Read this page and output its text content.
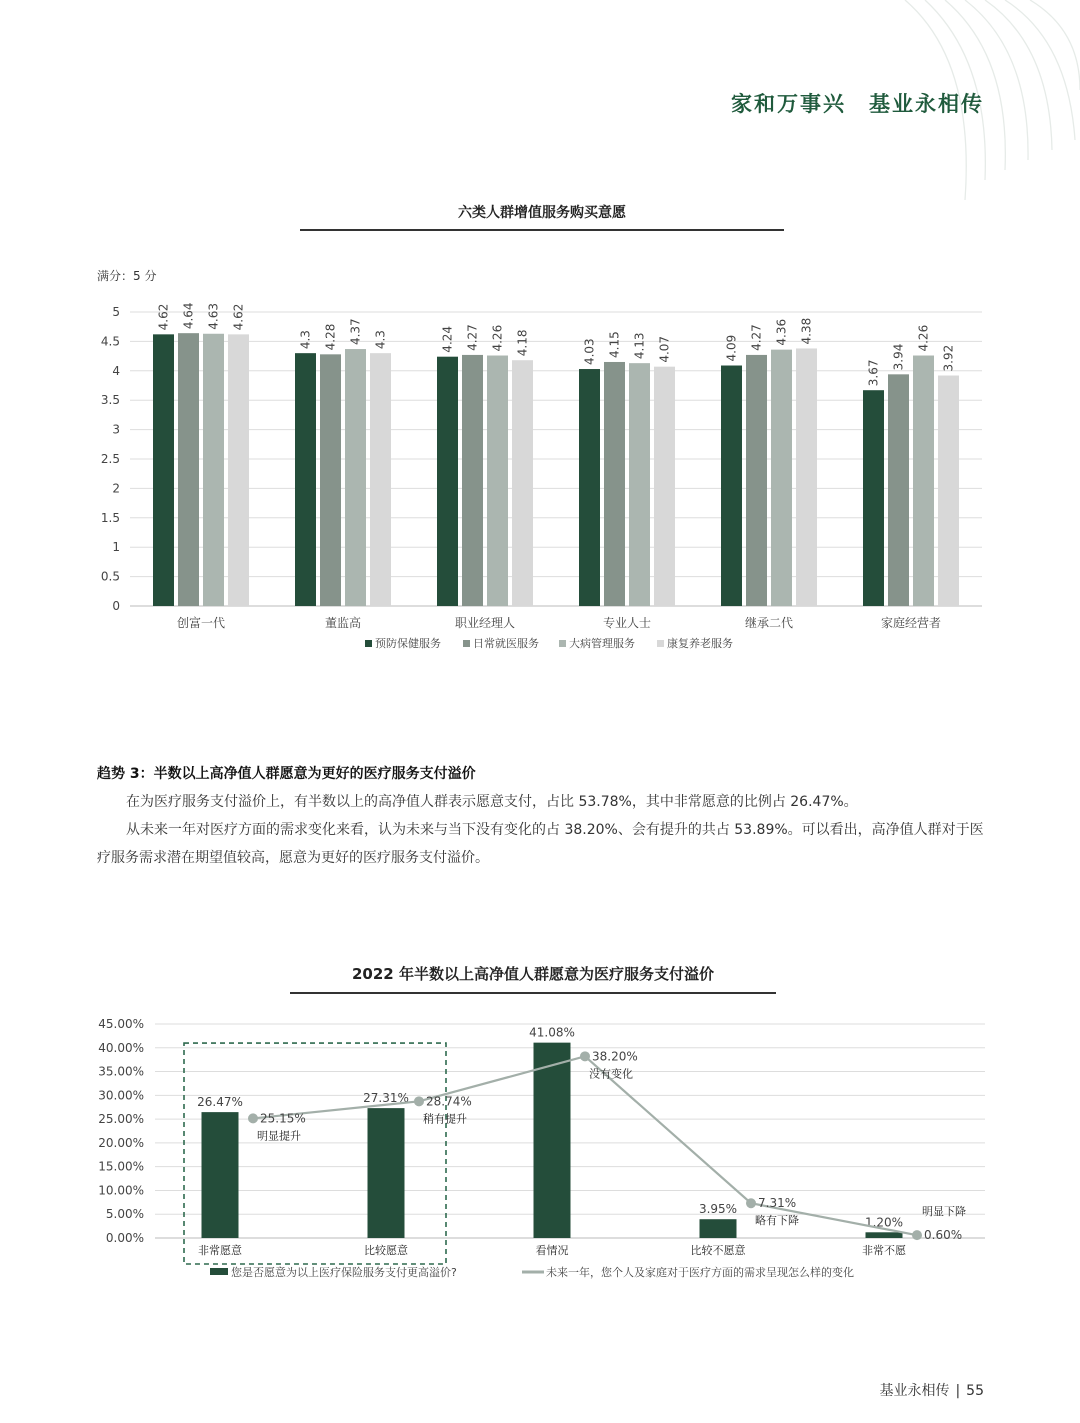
家和万事兴　基业永相传
六类人群增值服务购买意愿
满分：5 分
0
0.5
1
1.5
2
2.5
3
3.5
4
4.5
5	4.62 4.64 4.63 4.62
创富一代
4.3 4.28 4.37 4.3
董监高
4.24 4.27 4.26 4.18
职业经理人
4.03 4.15 4.13 4.07
专业人士
4.09 4.27 4.36 4.38
继承二代
3.67
3.94
4.26
3.92
家庭经营者
预防保健服务	日常就医服务	大病管理服务	康复养老服务
趋势 3：半数以上高净值人群愿意为更好的医疗服务支付溢价
在为医疗服务支付溢价上，有半数以上的高净值人群表示愿意支付，占比 53.78%，其中非常愿意的比例占 26.47%。
从未来一年对医疗方面的需求变化来看，认为未来与当下没有变化的占 38.20%、会有提升的共占 53.89%。可以看出，高净值人群对于医疗服务需求潜在期望值较高，愿意为更好的医疗服务支付溢价。
2022 年半数以上高净值人群愿意为医疗服务支付溢价
0.00%
5.00%
10.00%
15.00%
20.00%
25.00%
30.00%
35.00%
40.00%
45.00%
26.47%
非常愿意
27.31%
比较愿意
41.08%
看情况
3.95%
比较不愿意
1.20%
非常不愿
25.15%
明显提升
28.74%
稍有提升
38.20%
没有变化
7.31%
略有下降
0.60%
明显下降
您是否愿意为以上医疗保险服务支付更高溢价?	未来一年，您个人及家庭对于医疗方面的需求呈现怎么样的变化
基业永相传 | 55
